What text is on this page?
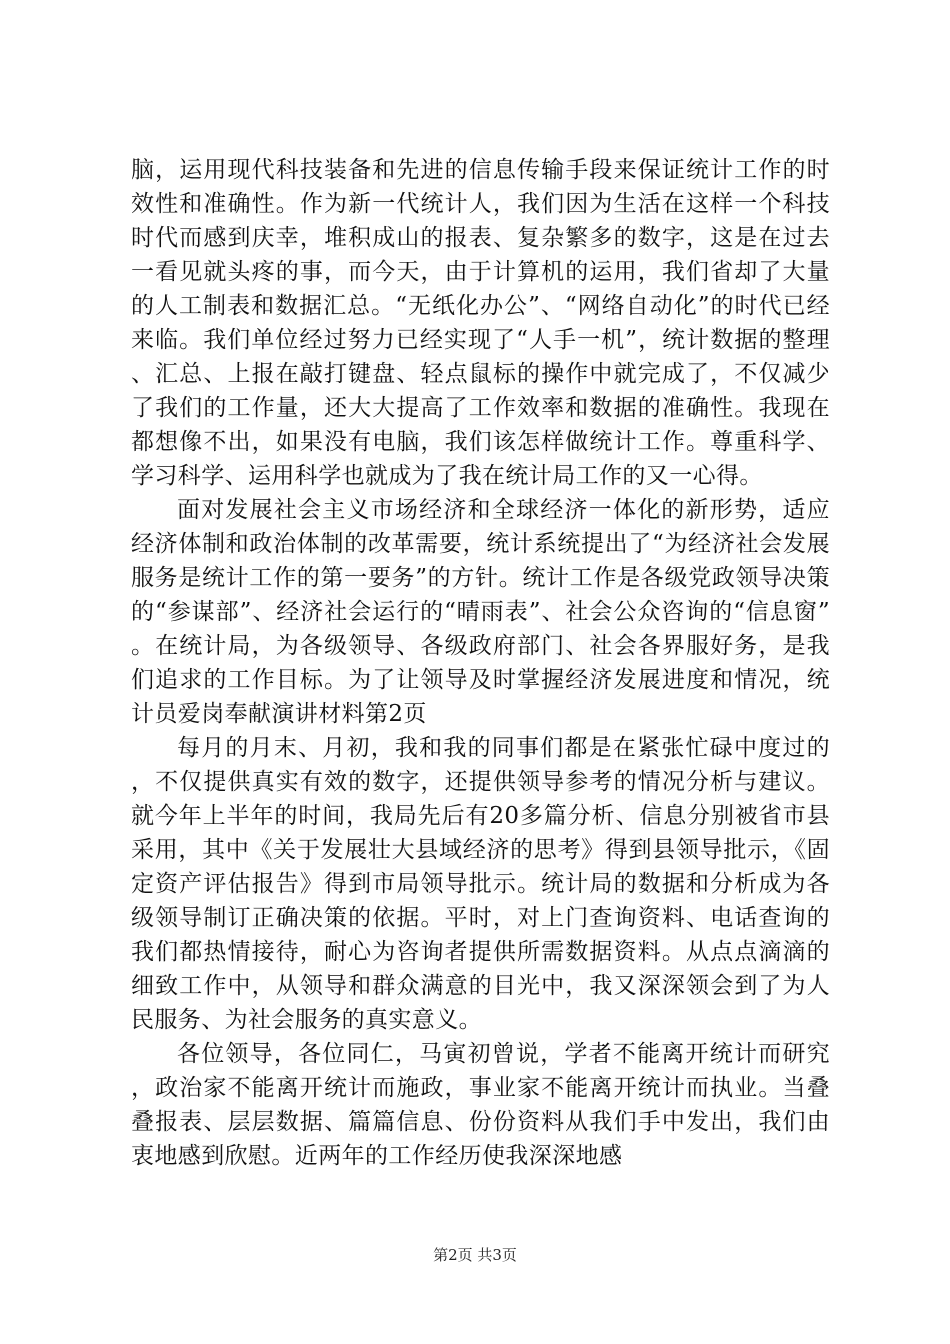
脑，运用现代科技装备和先进的信息传输手段来保证统计工作的时效性和准确性。作为新一代统计人，我们因为生活在这样一个科技时代而感到庆幸，堆积成山的报表、复杂繁多的数字，这是在过去一看见就头疼的事，而今天，由于计算机的运用，我们省却了大量的人工制表和数据汇总。“无纸化办公”、“网络自动化”的时代已经来临。我们单位经过努力已经实现了“人手一机”，统计数据的整理、汇总、上报在敲打键盘、轻点鼠标的操作中就完成了，不仅减少了我们的工作量，还大大提高了工作效率和数据的准确性。我现在都想像不出，如果没有电脑，我们该怎样做统计工作。尊重科学、学习科学、运用科学也就成为了我在统计局工作的又一心得。

面对发展社会主义市场经济和全球经济一体化的新形势，适应经济体制和政治体制的改革需要，统计系统提出了“为经济社会发展服务是统计工作的第一要务”的方针。统计工作是各级党政领导决策的“参谋部”、经济社会运行的“晴雨表”、社会公众咨询的“信息窗”。在统计局，为各级领导、各级政府部门、社会各界服好务，是我们追求的工作目标。为了让领导及时掌握经济发展进度和情况，统计员爱岗奉献演讲材料第2页

每月的月末、月初，我和我的同事们都是在紧张忙碌中度过的，不仅提供真实有效的数字，还提供领导参考的情况分析与建议。就今年上半年的时间，我局先后有20多篇分析、信息分别被省市县采用，其中《关于发展壮大县域经济的思考》得到县领导批示，《固定资产评估报告》得到市局领导批示。统计局的数据和分析成为各级领导制订正确决策的依据。平时，对上门查询资料、电话查询的我们都热情接待，耐心为咨询者提供所需数据资料。从点点滴滴的细致工作中，从领导和群众满意的目光中，我又深深领会到了为人民服务、为社会服务的真实意义。

各位领导，各位同仁，马寅初曾说，学者不能离开统计而研究，政治家不能离开统计而施政，事业家不能离开统计而执业。当叠叠报表、层层数据、篇篇信息、份份资料从我们手中发出，我们由衷地感到欣慰。近两年的工作经历使我深深地感

第2页 共3页
